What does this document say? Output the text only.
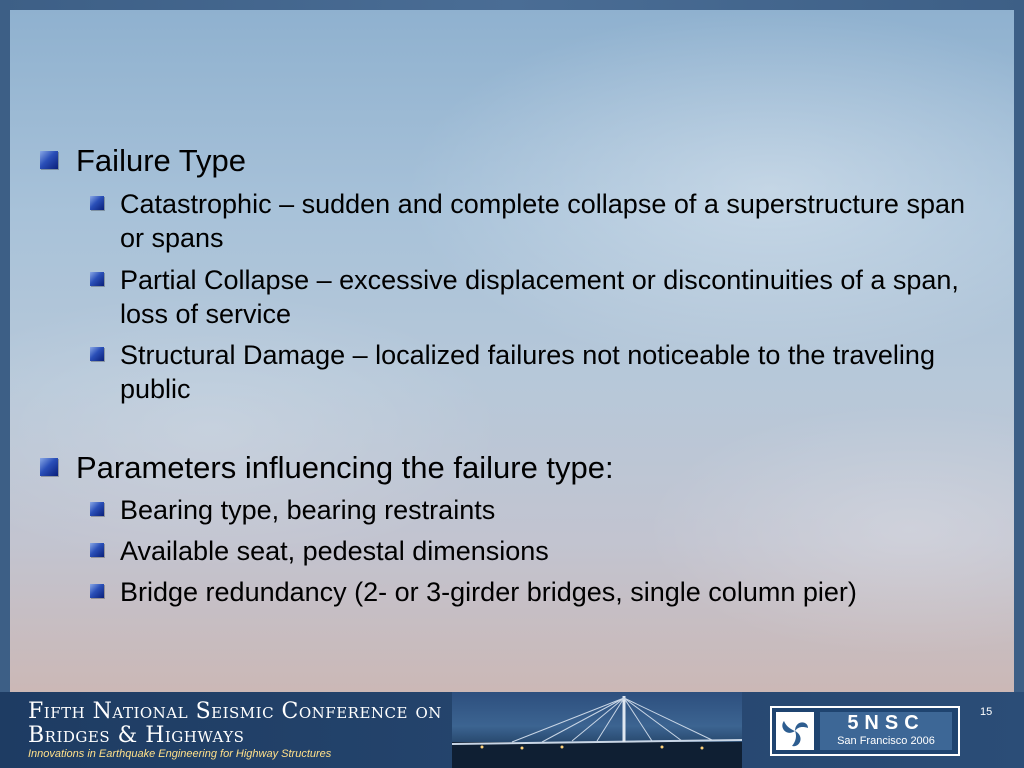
Failure Type
Catastrophic – sudden and complete collapse of a superstructure span or spans
Partial Collapse – excessive displacement or discontinuities of a span, loss of service
Structural Damage – localized failures not noticeable to the traveling public
Parameters influencing the failure type:
Bearing type, bearing restraints
Available seat, pedestal dimensions
Bridge redundancy (2- or 3-girder bridges, single column pier)
Fifth National Seismic Conference on
Bridges & Highways
Innovations in Earthquake Engineering for Highway Structures
5NSC
San Francisco 2006
15
